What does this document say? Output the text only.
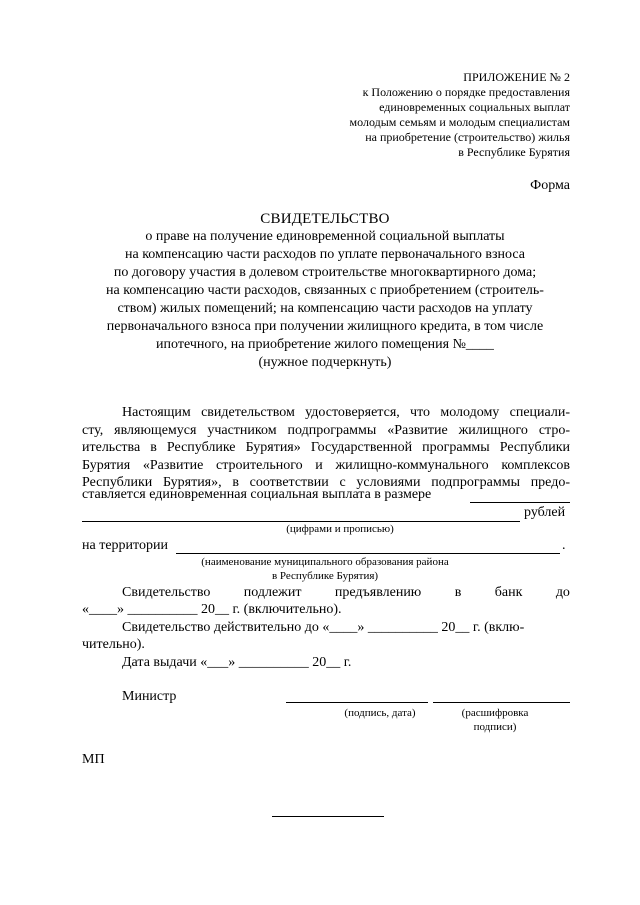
ПРИЛОЖЕНИЕ № 2
к Положению о порядке предоставления
единовременных социальных выплат
молодым семьям и молодым специалистам
на приобретение (строительство) жилья
в Республике Бурятия
Форма
СВИДЕТЕЛЬСТВО
о праве на получение единовременной социальной выплаты
на компенсацию части расходов по уплате первоначального взноса
по договору участия в долевом строительстве многоквартирного дома;
на компенсацию части расходов, связанных с приобретением (строитель-
ством) жилых помещений; на компенсацию части расходов на уплату
первоначального взноса при получении жилищного кредита, в том числе
ипотечного, на приобретение жилого помещения №____
(нужное подчеркнуть)
Настоящим свидетельством удостоверяется, что молодому специали-
сту, являющемуся участником подпрограммы «Развитие жилищного стро-
ительства в Республике Бурятия» Государственной программы Республики
Бурятия «Развитие строительного и жилищно-коммунального комплексов
Республики Бурятия», в соответствии с условиями подпрограммы предо-
ставляется единовременная социальная выплата в размере
рублей
(цифрами и прописью)
на территории	.
(наименование муниципального образования района
в Республике Бурятия)
Свидетельство подлежит предъявлению в банк до
«____» __________ 20__ г. (включительно).
Свидетельство действительно до «____» __________ 20__ г. (вклю-
чительно).
Дата выдачи «___» __________ 20__ г.
Министр
(подпись, дата)	(расшифровка
подписи)
МП
